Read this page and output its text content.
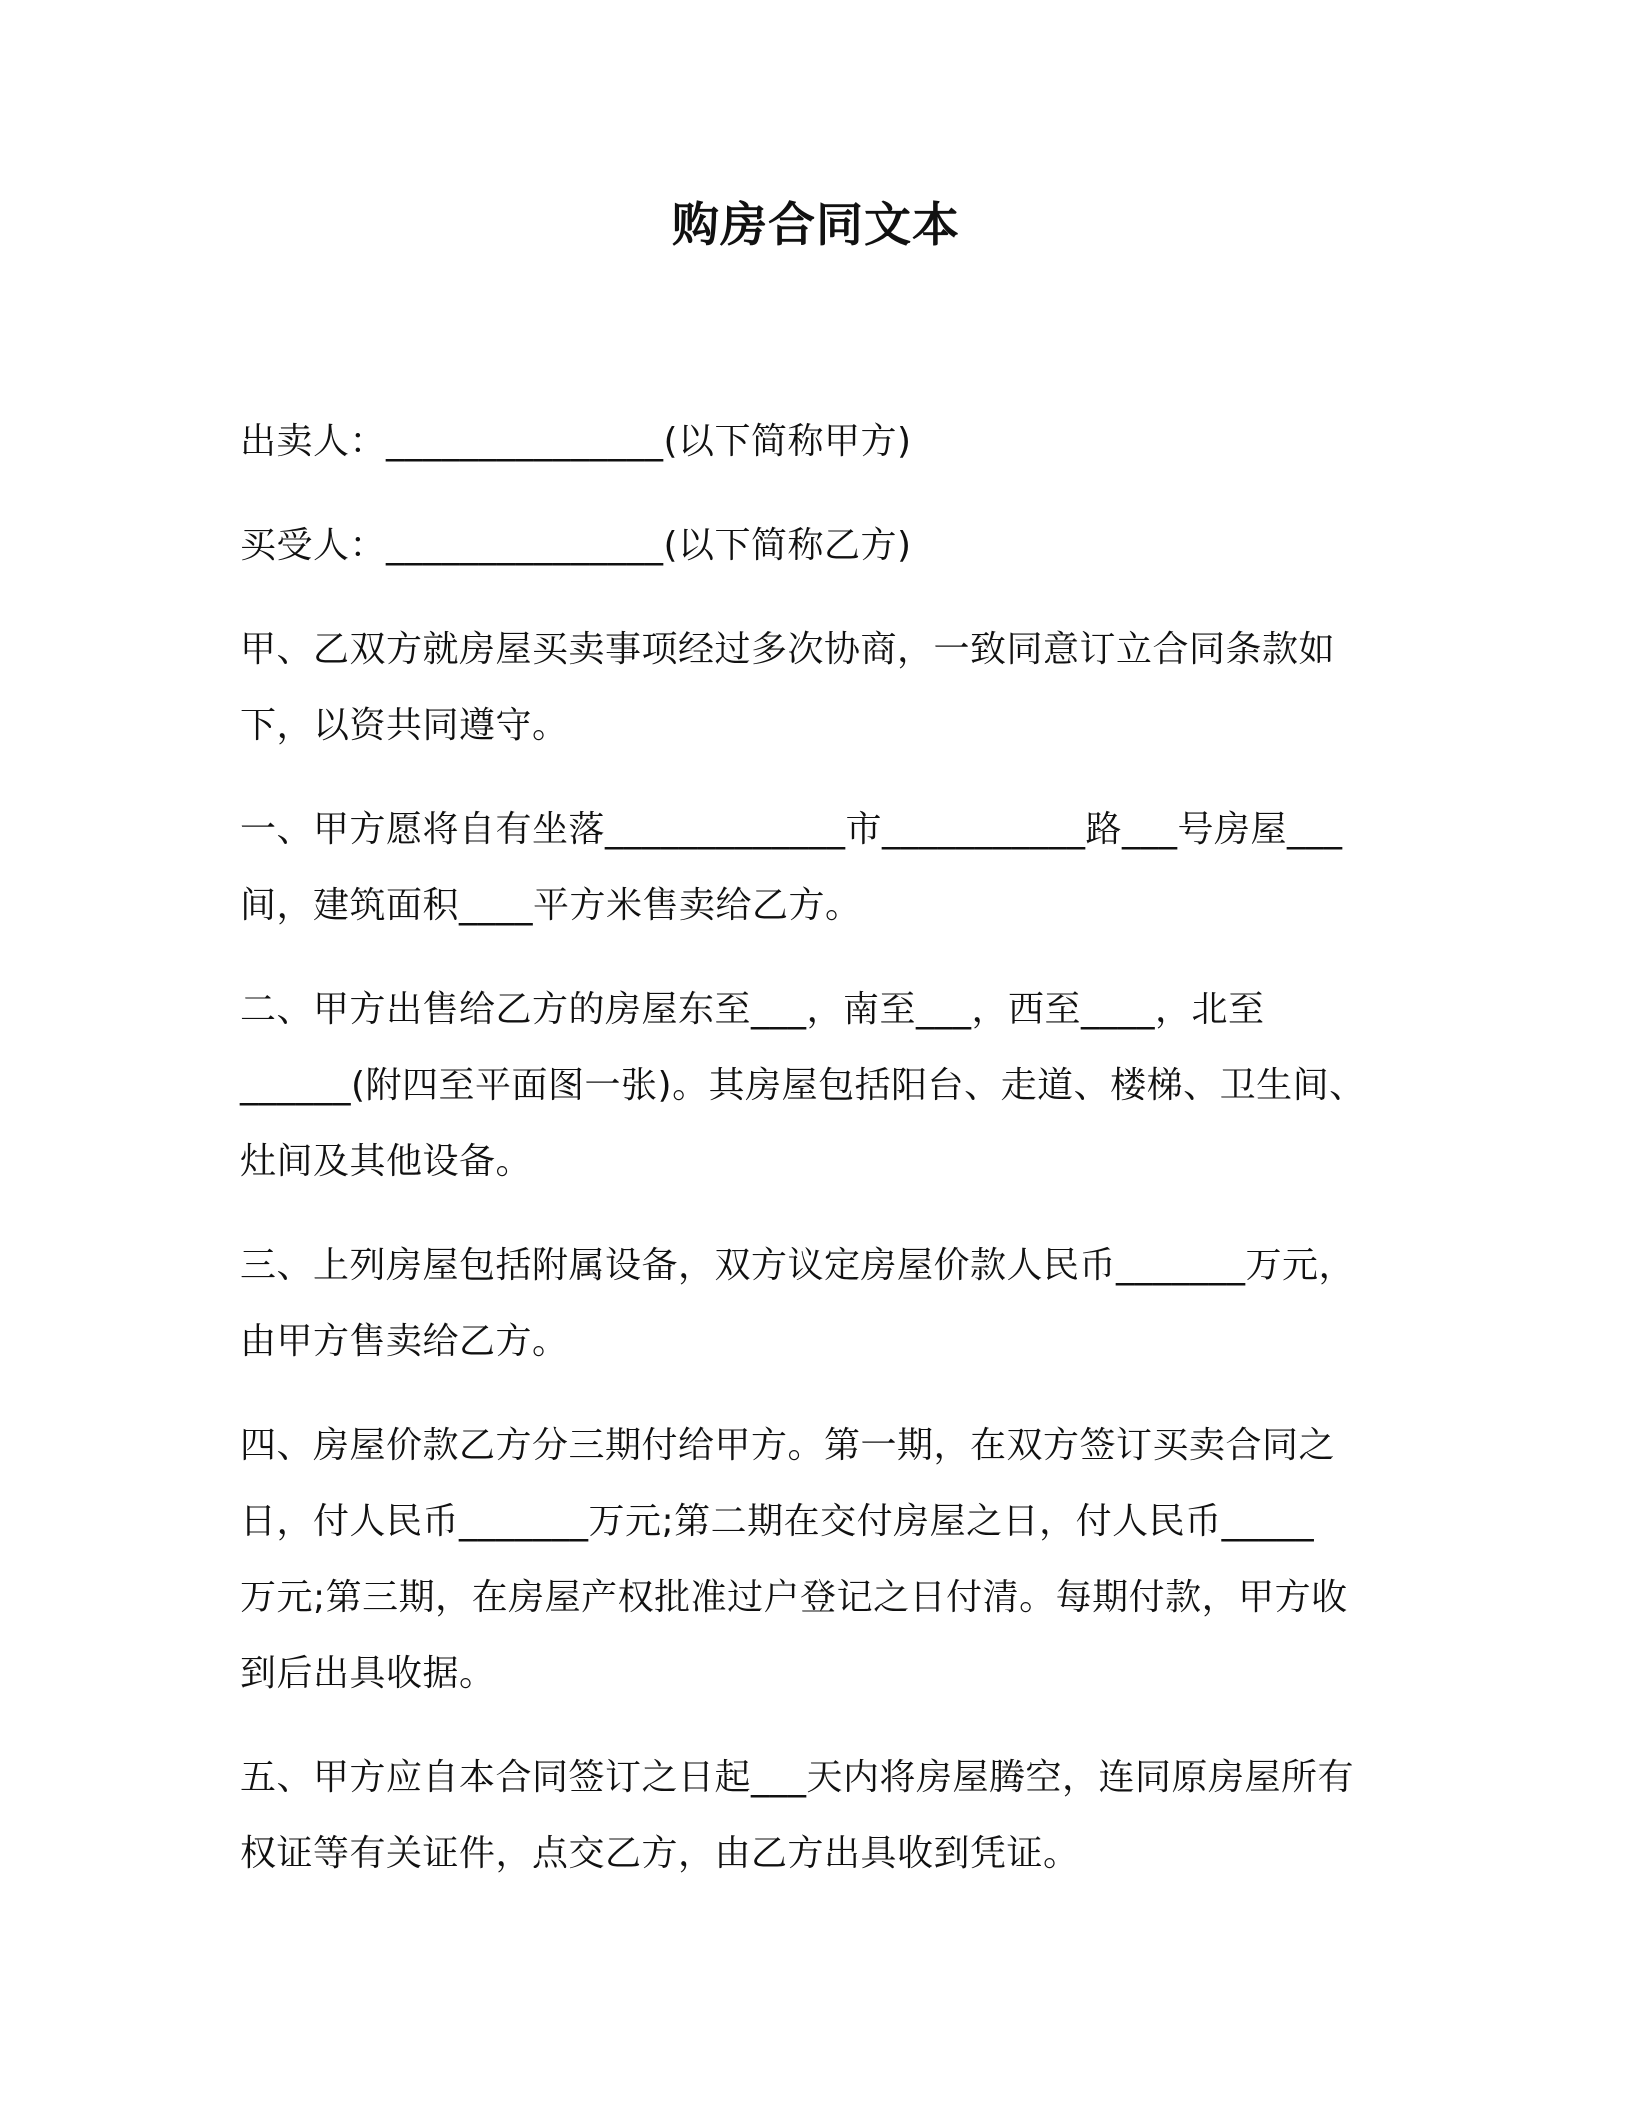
购房合同文本
出卖人：_______________(以下简称甲方)
买受人：_______________(以下简称乙方)
甲、乙双方就房屋买卖事项经过多次协商，一致同意订立合同条款如
下，以资共同遵守。
一、甲方愿将自有坐落_____________市___________路___号房屋___
间，建筑面积____平方米售卖给乙方。
二、甲方出售给乙方的房屋东至___，南至___，西至____，北至
______(附四至平面图一张)。其房屋包括阳台、走道、楼梯、卫生间、
灶间及其他设备。
三、上列房屋包括附属设备，双方议定房屋价款人民币_______万元，
由甲方售卖给乙方。
四、房屋价款乙方分三期付给甲方。第一期，在双方签订买卖合同之
日，付人民币_______万元;第二期在交付房屋之日，付人民币_____
万元;第三期，在房屋产权批准过户登记之日付清。每期付款，甲方收
到后出具收据。
五、甲方应自本合同签订之日起___天内将房屋腾空，连同原房屋所有
权证等有关证件，点交乙方，由乙方出具收到凭证。
